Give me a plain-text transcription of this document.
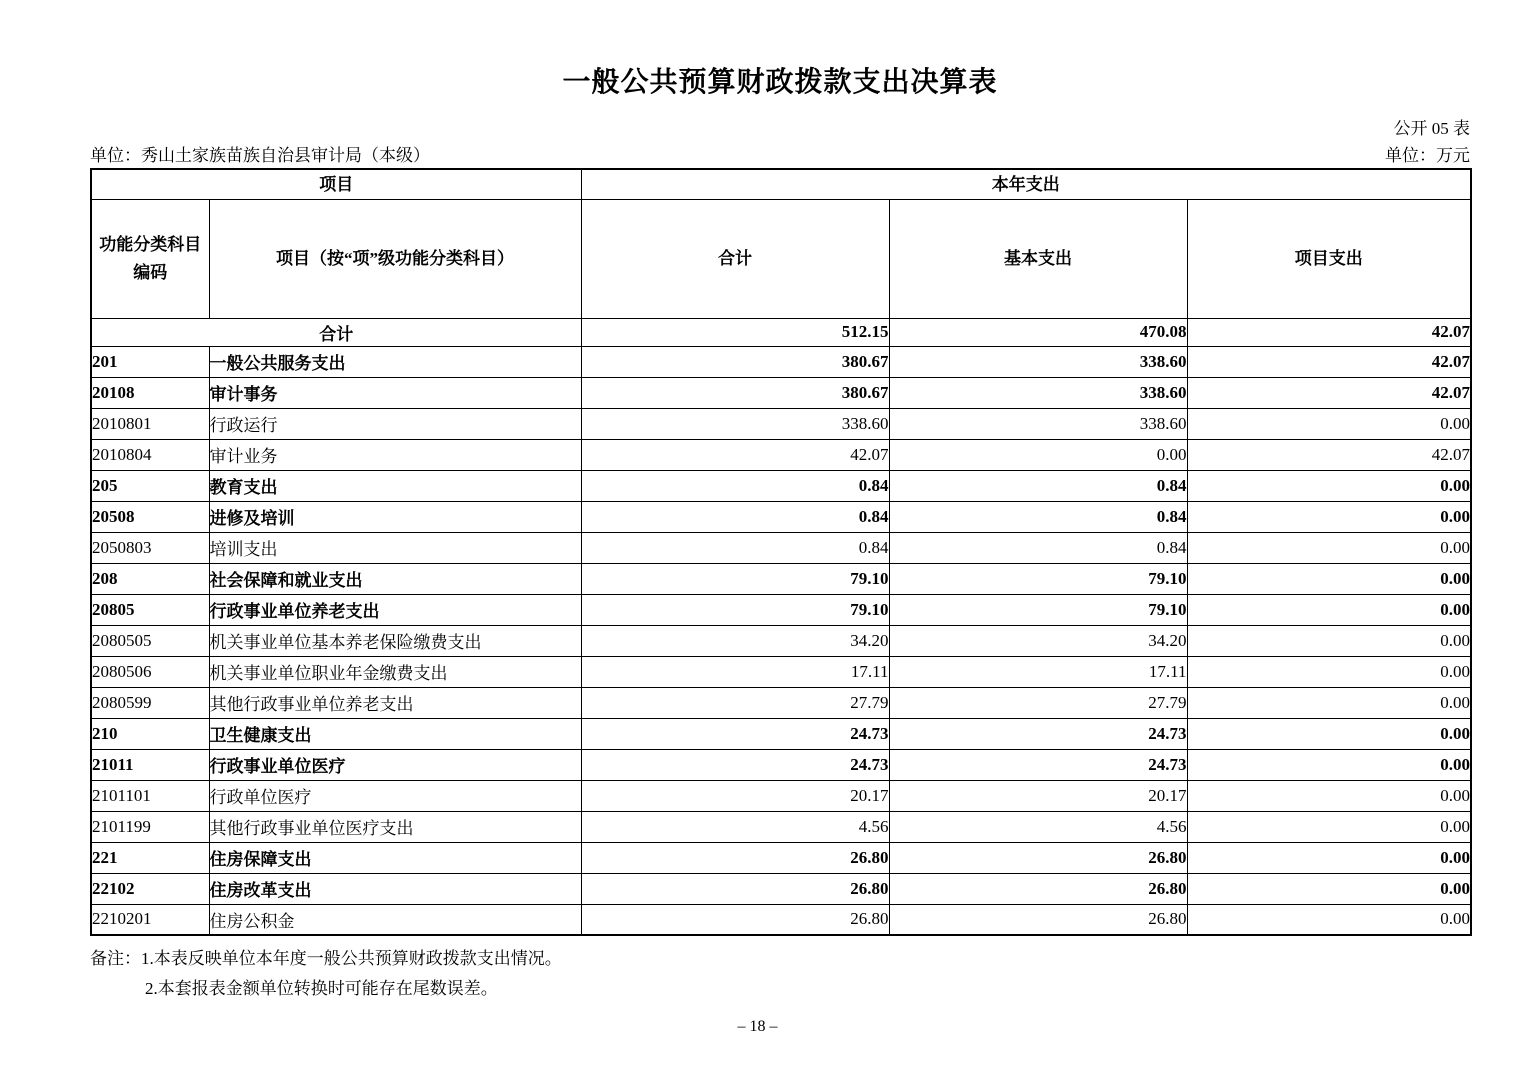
一般公共预算财政拨款支出决算表
公开 05 表
单位：秀山土家族苗族自治县审计局（本级）	单位：万元
项目		本年支出		

功能分类科目
编码	项目（按“项”级功能分类科目）	合计	基本支出	项目支出
合计		512.15	470.08	42.07
201	一般公共服务支出	380.67	338.60	42.07
20108	审计事务	380.67	338.60	42.07
2010801	行政运行	338.60	338.60	0.00
2010804	审计业务	42.07	0.00	42.07
205	教育支出	0.84	0.84	0.00
20508	进修及培训	0.84	0.84	0.00
2050803	培训支出	0.84	0.84	0.00
208	社会保障和就业支出	79.10	79.10	0.00
20805	行政事业单位养老支出	79.10	79.10	0.00
2080505	机关事业单位基本养老保险缴费支出	34.20	34.20	0.00
2080506	机关事业单位职业年金缴费支出	17.11	17.11	0.00
2080599	其他行政事业单位养老支出	27.79	27.79	0.00
210	卫生健康支出	24.73	24.73	0.00
21011	行政事业单位医疗	24.73	24.73	0.00
2101101	行政单位医疗	20.17	20.17	0.00
2101199	其他行政事业单位医疗支出	4.56	4.56	0.00
221	住房保障支出	26.80	26.80	0.00
22102	住房改革支出	26.80	26.80	0.00
2210201	住房公积金	26.80	26.80	0.00
备注：1.本表反映单位本年度一般公共预算财政拨款支出情况。
2.本套报表金额单位转换时可能存在尾数误差。
– 18 –
